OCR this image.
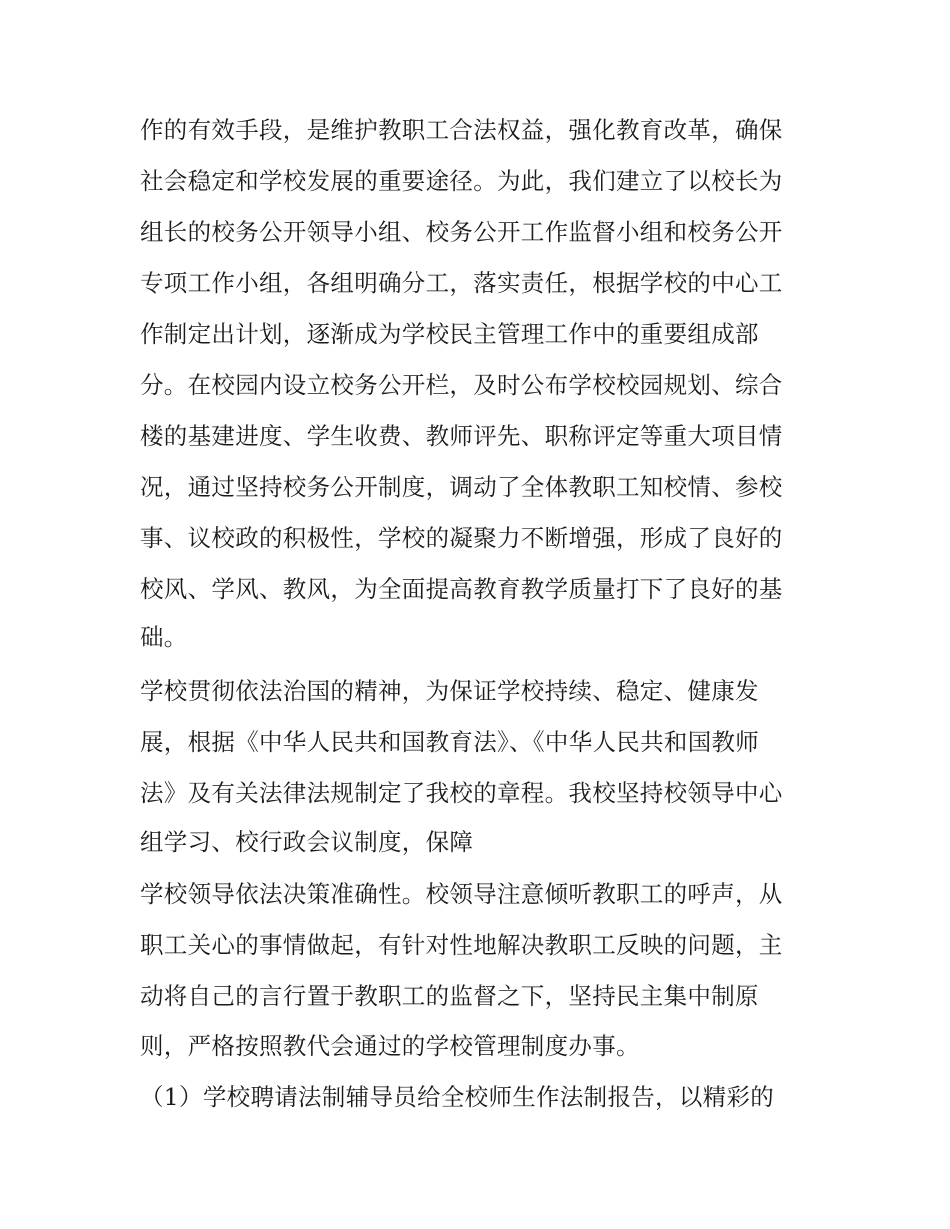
作的有效手段，是维护教职工合法权益，强化教育改革，确保

社会稳定和学校发展的重要途径。为此，我们建立了以校长为

组长的校务公开领导小组、校务公开工作监督小组和校务公开

专项工作小组，各组明确分工，落实责任，根据学校的中心工

作制定出计划，逐渐成为学校民主管理工作中的重要组成部

分。在校园内设立校务公开栏，及时公布学校校园规划、综合

楼的基建进度、学生收费、教师评先、职称评定等重大项目情

况，通过坚持校务公开制度，调动了全体教职工知校情、参校

事、议校政的积极性，学校的凝聚力不断增强，形成了良好的

校风、学风、教风，为全面提高教育教学质量打下了良好的基

础。

学校贯彻依法治国的精神，为保证学校持续、稳定、健康发

展，根据《中华人民共和国教育法》、《中华人民共和国教师

法》及有关法律法规制定了我校的章程。我校坚持校领导中心

组学习、校行政会议制度，保障

学校领导依法决策准确性。校领导注意倾听教职工的呼声，从

职工关心的事情做起，有针对性地解决教职工反映的问题，主

动将自己的言行置于教职工的监督之下，坚持民主集中制原

则，严格按照教代会通过的学校管理制度办事。

（1）学校聘请法制辅导员给全校师生作法制报告，以精彩的
